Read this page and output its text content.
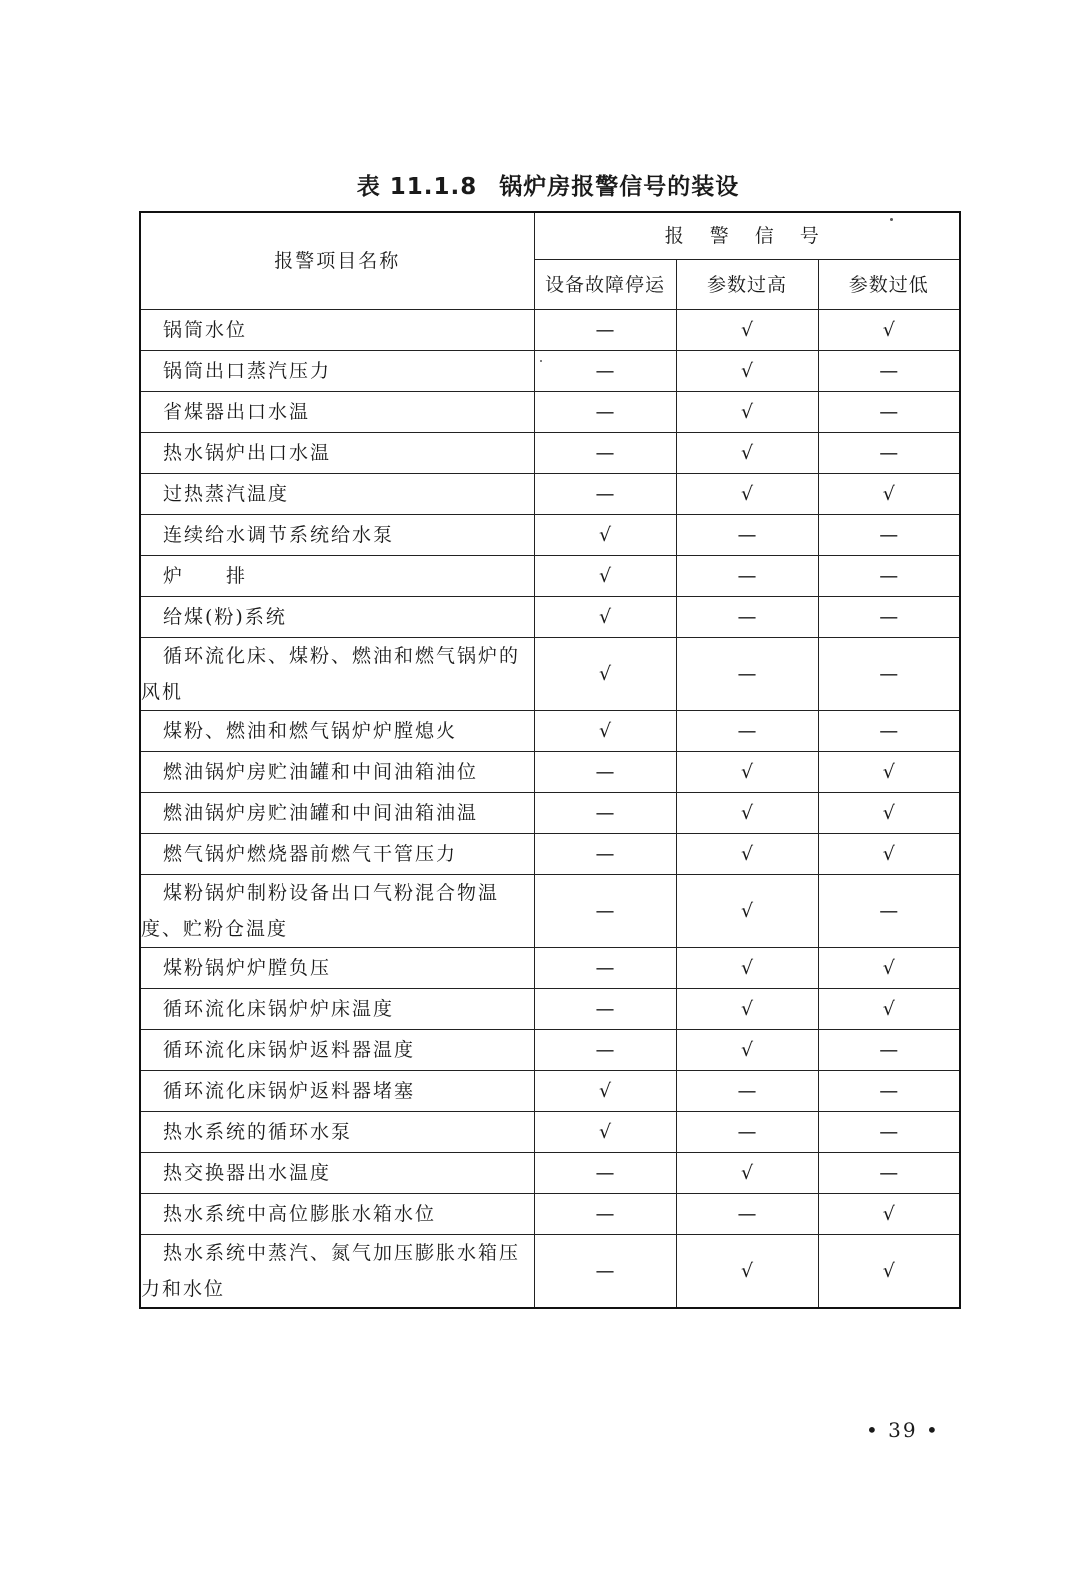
表 11.1.8 锅炉房报警信号的装设
报警项目名称	报 警 信 号		
	设备故障停运	参数过高	参数过低
锅筒水位	—	√	√
锅筒出口蒸汽压力	—	√	—
省煤器出口水温	—	√	—
热水锅炉出口水温	—	√	—
过热蒸汽温度	—	√	√
连续给水调节系统给水泵	√	—	—
炉　　排	√	—	—
给煤(粉)系统	√	—	—
循环流化床、煤粉、燃油和燃气锅炉的风机	√	—	—
煤粉、燃油和燃气锅炉炉膛熄火	√	—	—
燃油锅炉房贮油罐和中间油箱油位	—	√	√
燃油锅炉房贮油罐和中间油箱油温	—	√	√
燃气锅炉燃烧器前燃气干管压力	—	√	√
煤粉锅炉制粉设备出口气粉混合物温度、贮粉仓温度	—	√	—
煤粉锅炉炉膛负压	—	√	√
循环流化床锅炉炉床温度	—	√	√
循环流化床锅炉返料器温度	—	√	—
循环流化床锅炉返料器堵塞	√	—	—
热水系统的循环水泵	√	—	—
热交换器出水温度	—	√	—
热水系统中高位膨胀水箱水位	—	—	√
热水系统中蒸汽、氮气加压膨胀水箱压力和水位	—	√	√
• 39 •
